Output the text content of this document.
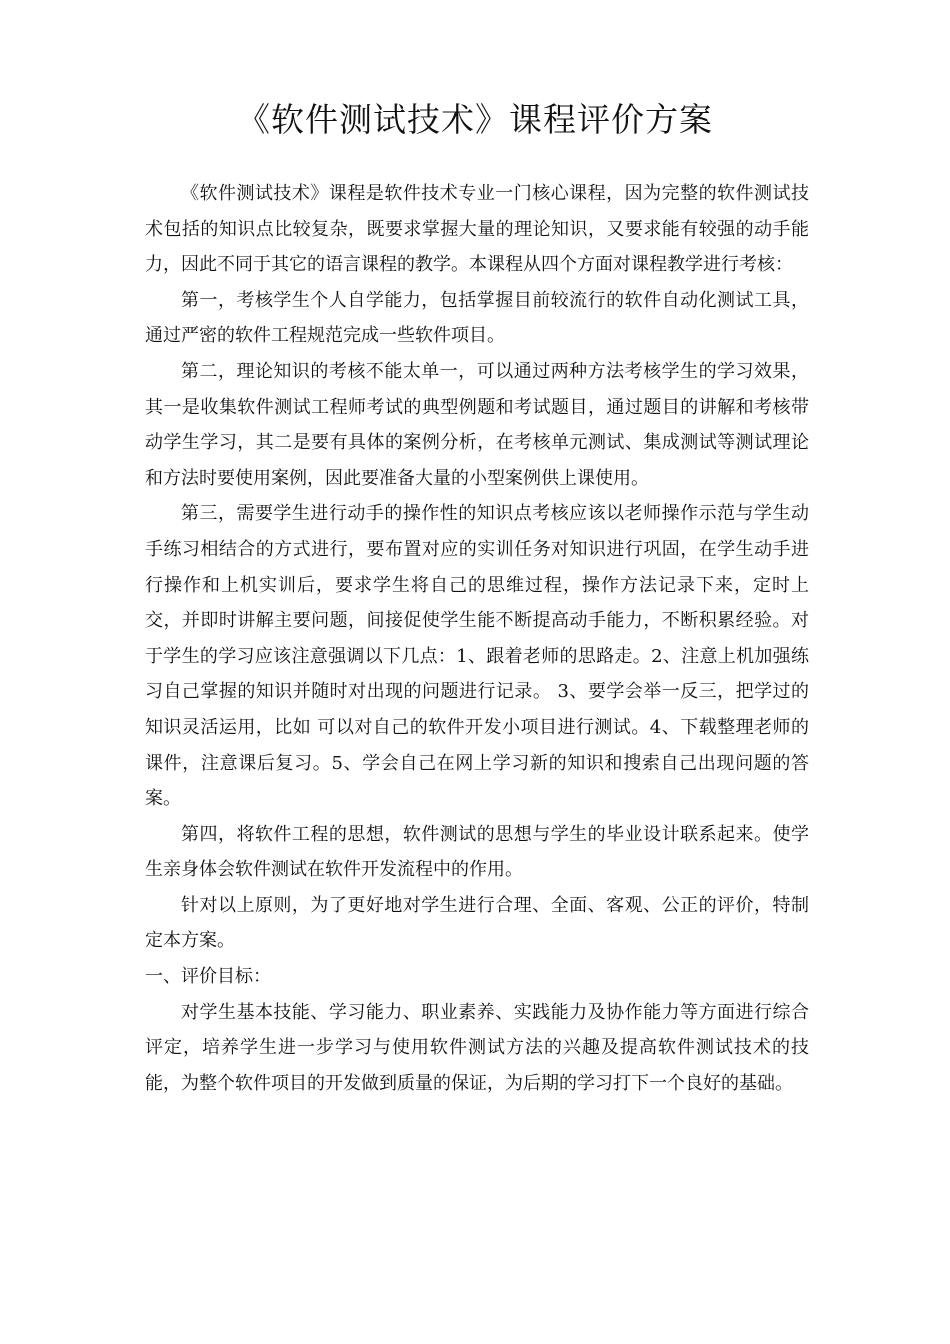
《软件测试技术》课程评价方案

《软件测试技术》课程是软件技术专业一门核心课程，因为完整的软件测试技术包括的知识点比较复杂，既要求掌握大量的理论知识，又要求能有较强的动手能力，因此不同于其它的语言课程的教学。本课程从四个方面对课程教学进行考核：

第一，考核学生个人自学能力，包括掌握目前较流行的软件自动化测试工具，通过严密的软件工程规范完成一些软件项目。

第二，理论知识的考核不能太单一，可以通过两种方法考核学生的学习效果，其一是收集软件测试工程师考试的典型例题和考试题目，通过题目的讲解和考核带动学生学习，其二是要有具体的案例分析，在考核单元测试、集成测试等测试理论和方法时要使用案例，因此要准备大量的小型案例供上课使用。

第三，需要学生进行动手的操作性的知识点考核应该以老师操作示范与学生动手练习相结合的方式进行，要布置对应的实训任务对知识进行巩固，在学生动手进行操作和上机实训后，要求学生将自己的思维过程，操作方法记录下来，定时上交，并即时讲解主要问题，间接促使学生能不断提高动手能力，不断积累经验。对于学生的学习应该注意强调以下几点：1、跟着老师的思路走。2、注意上机加强练习自己掌握的知识并随时对出现的问题进行记录。 3、要学会举一反三，把学过的知识灵活运用，比如 可以对自己的软件开发小项目进行测试。4、下载整理老师的课件，注意课后复习。5、学会自己在网上学习新的知识和搜索自己出现问题的答案。

第四，将软件工程的思想，软件测试的思想与学生的毕业设计联系起来。使学生亲身体会软件测试在软件开发流程中的作用。

针对以上原则，为了更好地对学生进行合理、全面、客观、公正的评价，特制定本方案。

一、评价目标：

对学生基本技能、学习能力、职业素养、实践能力及协作能力等方面进行综合评定，培养学生进一步学习与使用软件测试方法的兴趣及提高软件测试技术的技能，为整个软件项目的开发做到质量的保证，为后期的学习打下一个良好的基础。
